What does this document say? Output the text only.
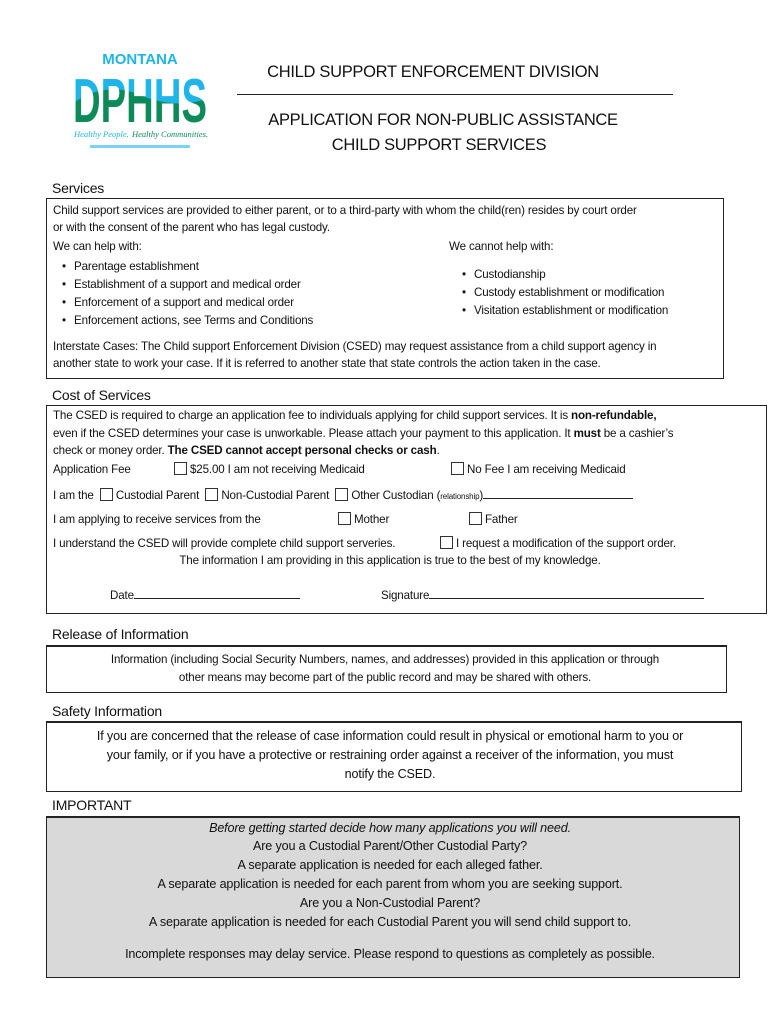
MONTANA
Healthy People. Healthy Communities.
CHILD SUPPORT ENFORCEMENT DIVISION
APPLICATION FOR NON-PUBLIC ASSISTANCE
CHILD SUPPORT SERVICES
Services
Child support services are provided to either parent, or to a third-party with whom the child(ren) resides by court order
or with the consent of the parent who has legal custody.
We can help with:	We cannot help with:
• Parentage establishment
• Establishment of a support and medical order
• Enforcement of a support and medical order
• Enforcement actions, see Terms and Conditions
• Custodianship
• Custody establishment or modification
• Visitation establishment or modification
Interstate Cases: The Child support Enforcement Division (CSED) may request assistance from a child support agency in
another state to work your case. If it is referred to another state that state controls the action taken in the case.
Cost of Services
The CSED is required to charge an application fee to individuals applying for child support services. It is non-refundable,
even if the CSED determines your case is unworkable. Please attach your payment to this application. It must be a cashier’s
check or money order. The CSED cannot accept personal checks or cash.
Application Fee	$25.00 I am not receiving Medicaid	No Fee I am receiving Medicaid
I am the Custodial Parent Non-Custodial Parent Other Custodian (relationship)
I am applying to receive services from the	Mother	Father
I understand the CSED will provide complete child support serveries.	I request a modification of the support order.
The information I am providing in this application is true to the best of my knowledge.
Date	Signature
Release of Information
Information (including Social Security Numbers, names, and addresses) provided in this application or through
other means may become part of the public record and may be shared with others.
Safety Information
If you are concerned that the release of case information could result in physical or emotional harm to you or
your family, or if you have a protective or restraining order against a receiver of the information, you must
notify the CSED.
IMPORTANT
Before getting started decide how many applications you will need.
Are you a Custodial Parent/Other Custodial Party?
A separate application is needed for each alleged father.
A separate application is needed for each parent from whom you are seeking support.
Are you a Non-Custodial Parent?
A separate application is needed for each Custodial Parent you will send child support to.
Incomplete responses may delay service. Please respond to questions as completely as possible.
